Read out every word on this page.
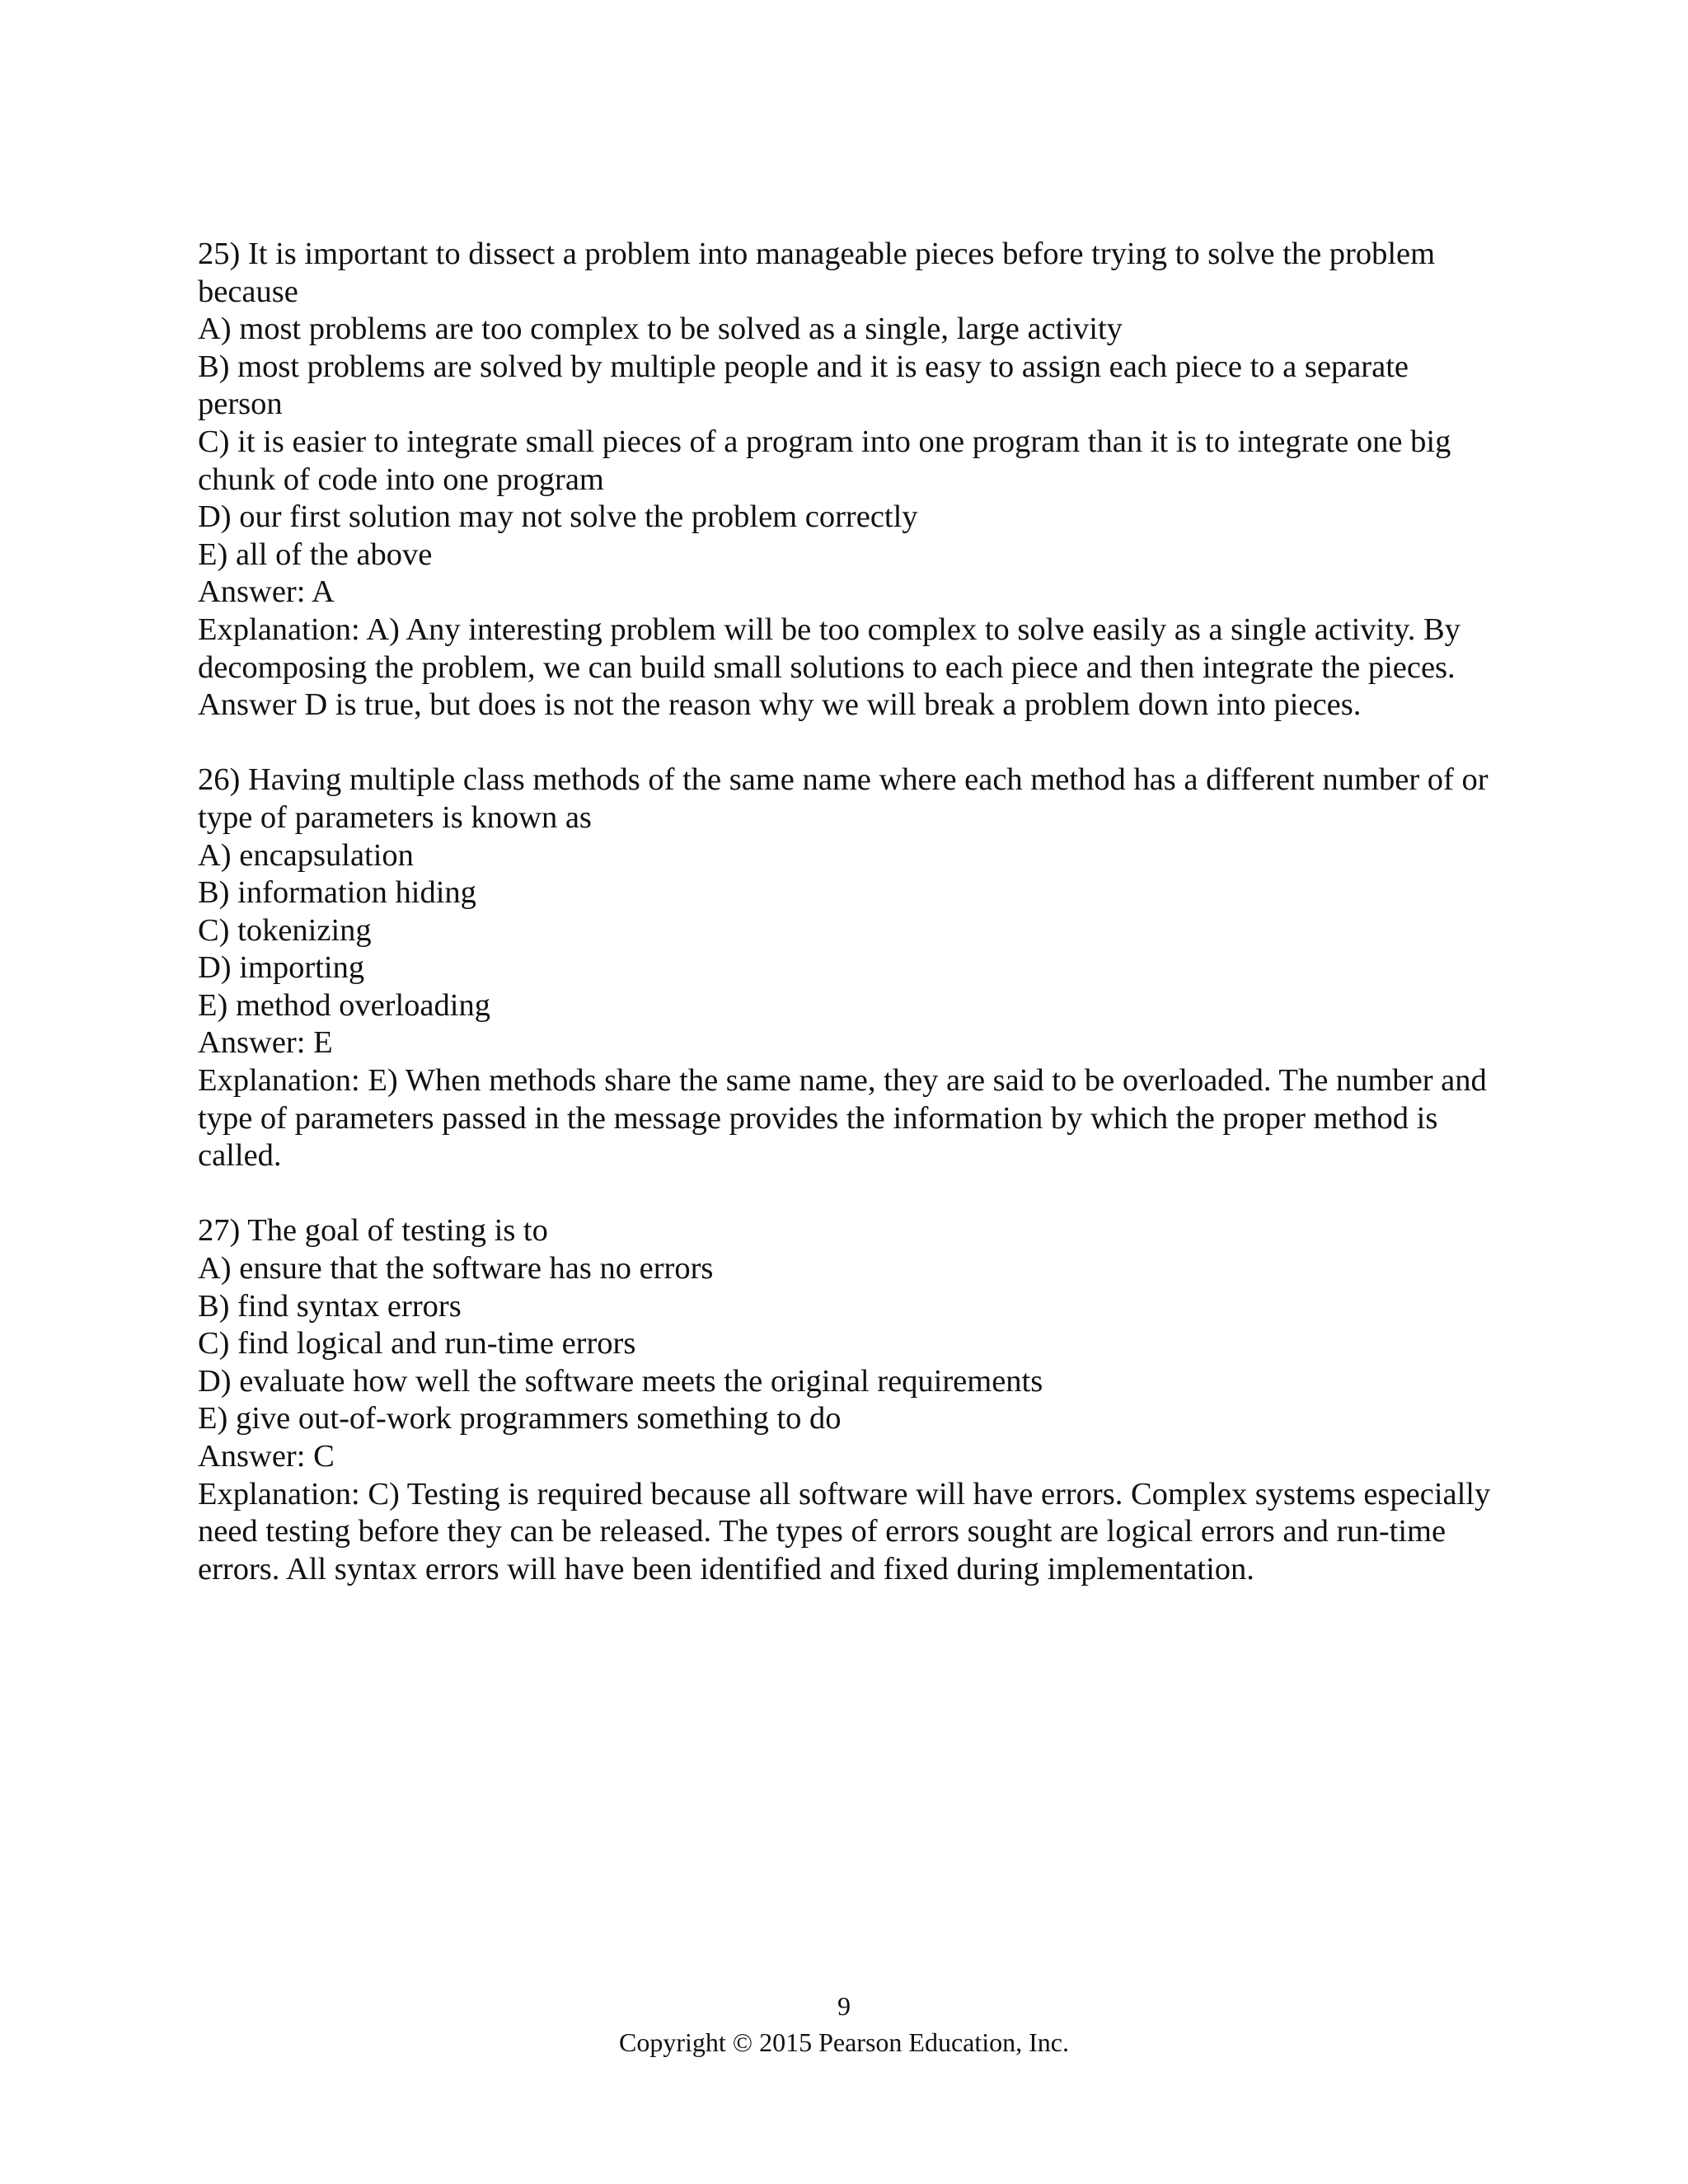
25) It is important to dissect a problem into manageable pieces before trying to solve the problem because
A) most problems are too complex to be solved as a single, large activity
B) most problems are solved by multiple people and it is easy to assign each piece to a separate person
C) it is easier to integrate small pieces of a program into one program than it is to integrate one big chunk of code into one program
D) our first solution may not solve the problem correctly
E) all of the above
Answer: A
Explanation: A) Any interesting problem will be too complex to solve easily as a single activity. By decomposing the problem, we can build small solutions to each piece and then integrate the pieces. Answer D is true, but does is not the reason why we will break a problem down into pieces.
26) Having multiple class methods of the same name where each method has a different number of or type of parameters is known as
A) encapsulation
B) information hiding
C) tokenizing
D) importing
E) method overloading
Answer: E
Explanation: E) When methods share the same name, they are said to be overloaded. The number and type of parameters passed in the message provides the information by which the proper method is called.
27) The goal of testing is to
A) ensure that the software has no errors
B) find syntax errors
C) find logical and run-time errors
D) evaluate how well the software meets the original requirements
E) give out-of-work programmers something to do
Answer: C
Explanation: C) Testing is required because all software will have errors. Complex systems especially need testing before they can be released. The types of errors sought are logical errors and run-time errors. All syntax errors will have been identified and fixed during implementation.
9
Copyright © 2015 Pearson Education, Inc.
